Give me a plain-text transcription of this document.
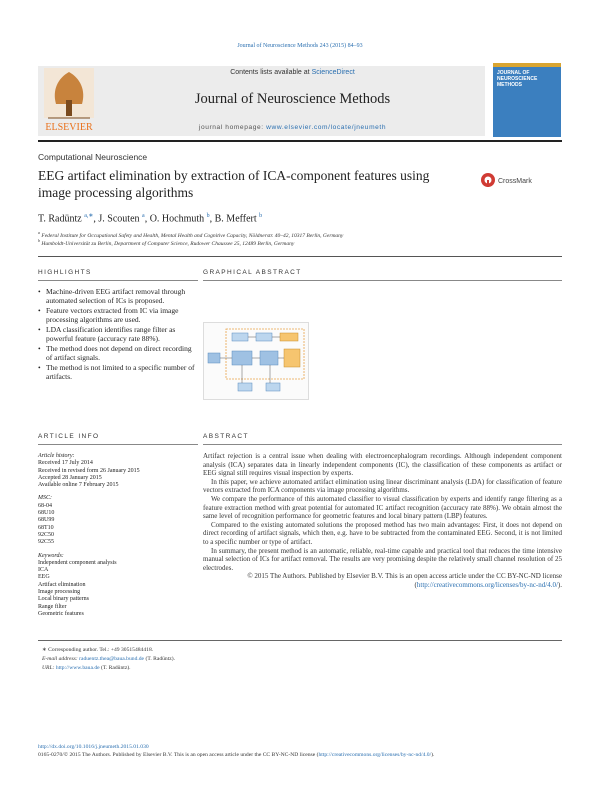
Journal of Neuroscience Methods 243 (2015) 84–93
ELSEVIER
Contents lists available at ScienceDirect
Journal of Neuroscience Methods
journal homepage: www.elsevier.com/locate/jneumeth
JOURNAL OF NEUROSCIENCE METHODS
Computational Neuroscience
EEG artifact elimination by extraction of ICA-component features using image processing algorithms
CrossMark
T. Radüntz $^{a,∗}$, J. Scouten $^a$, O. Hochmuth $^b$, B. Meffert $^b$
$^a$ Federal Institute for Occupational Safety and Health, Mental Health and Cognitive Capacity, Nöldnerstr. 40–42, 10317 Berlin, Germany
$^b$ Humboldt-Universität zu Berlin, Department of Computer Science, Rudower Chaussee 25, 12489 Berlin, Germany
HIGHLIGHTS
• Machine-driven EEG artifact removal through automated selection of ICs is proposed.
• Feature vectors extracted from IC via image processing algorithms are used.
• LDA classification identifies range filter as powerful feature (accuracy rate 88%).
• The method does not depend on direct recording of artifact signals.
• The method is not limited to a specific number of artifacts.
GRAPHICAL ABSTRACT
ARTICLE INFO
Article history:
Received 17 July 2014
Received in revised form 26 January 2015
Accepted 28 January 2015
Available online 7 February 2015
MSC:
68-04
68U10
68U99
68T10
92C50
92C55
Keywords:
Independent component analysis
ICA
EEG
Artifact elimination
Image processing
Local binary patterns
Range filter
Geometric features
ABSTRACT

Artifact rejection is a central issue when dealing with electroencephalogram recordings. Although independent component analysis (ICA) separates data in linearly independent components (IC), the classification of these components as artifact or EEG signal still requires visual inspection by experts.

In this paper, we achieve automated artifact elimination using linear discriminant analysis (LDA) for classification of feature vectors extracted from ICA components via image processing algorithms.

We compare the performance of this automated classifier to visual classification by experts and identify range filtering as a feature extraction method with great potential for automated IC artifact recognition (accuracy rate 88%). We obtain almost the same level of recognition performance for geometric features and local binary pattern (LBP) features.

Compared to the existing automated solutions the proposed method has two main advantages: First, it does not depend on direct recording of artifact signals, which then, e.g. have to be subtracted from the contaminated EEG. Second, it is not limited to a specific number or type of artifact.

In summary, the present method is an automatic, reliable, real-time capable and practical tool that reduces the time intensive manual selection of ICs for artifact removal. The results are very promising despite the relatively small channel resolution of 25 electrodes.

© 2015 The Authors. Published by Elsevier B.V. This is an open access article under the CC BY-NC-ND license (http://creativecommons.org/licenses/by-nc-nd/4.0/).

∗ Corresponding author. Tel.: +49 30515484418.
E-mail address: raduentz.thea@baua.bund.de (T. Radüntz).
URL: http://www.baua.de (T. Radüntz).
http://dx.doi.org/10.1016/j.jneumeth.2015.01.030
0165-0270/© 2015 The Authors. Published by Elsevier B.V. This is an open access article under the CC BY-NC-ND license (http://creativecommons.org/licenses/by-nc-nd/4.0/).
